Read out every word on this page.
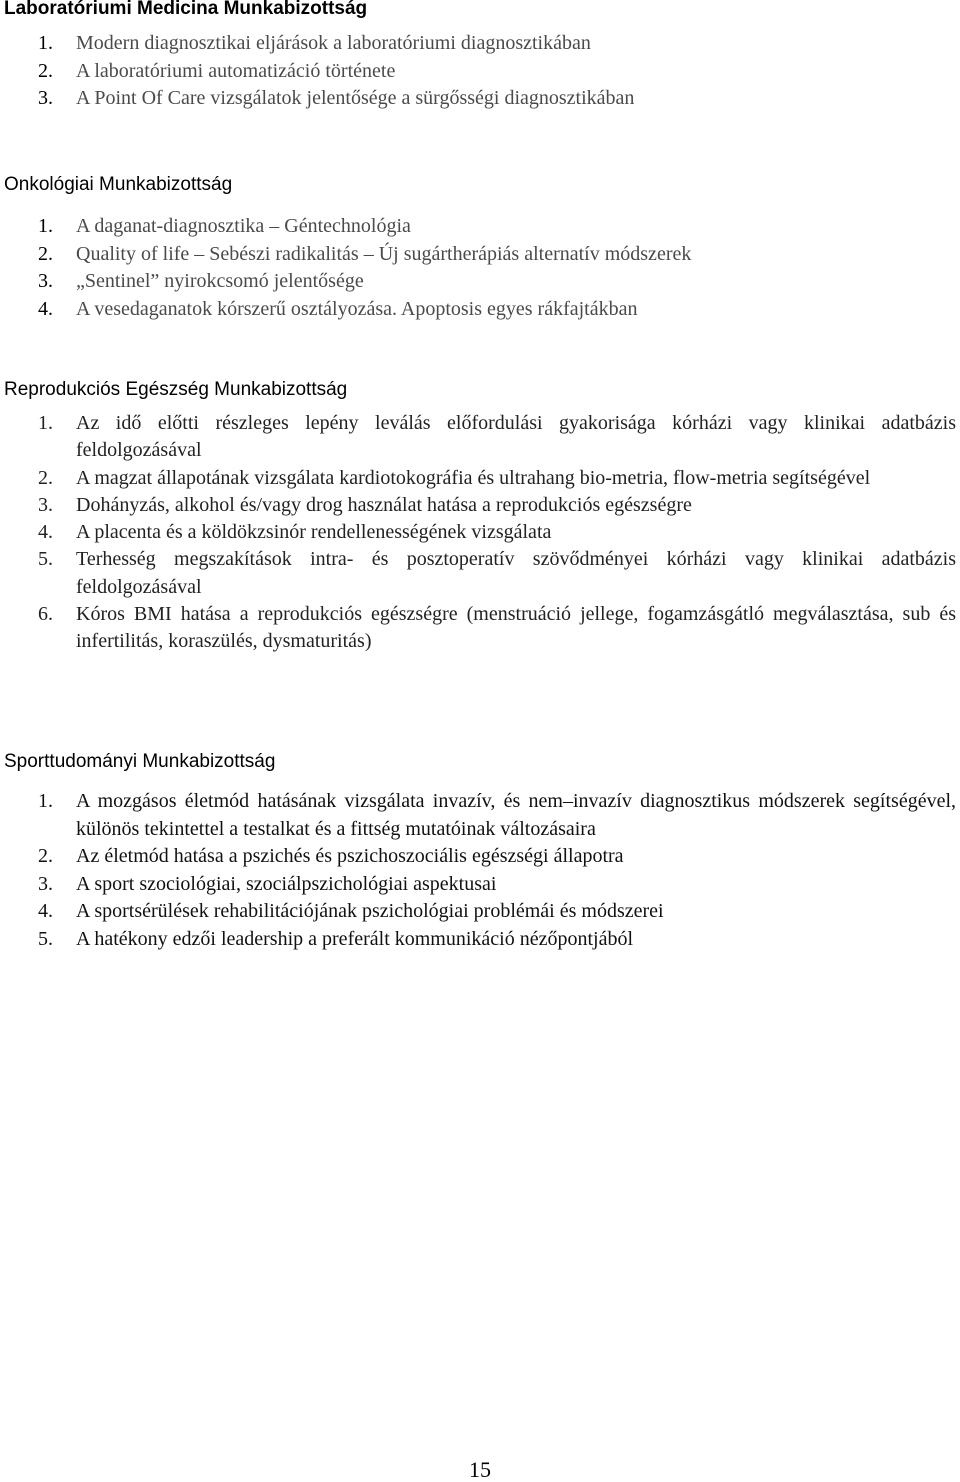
Laboratóriumi Medicina Munkabizottság
1. Modern diagnosztikai eljárások a laboratóriumi diagnosztikában
2. A laboratóriumi automatizáció története
3. A Point Of Care vizsgálatok jelentősége a sürgősségi diagnosztikában
Onkológiai Munkabizottság
1. A daganat-diagnosztika – Géntechnológia
2. Quality of life – Sebészi radikalitás – Új sugártherápiás alternatív módszerek
3. „Sentinel” nyirokcsomó jelentősége
4. A vesedaganatok kórszerű osztályozása. Apoptosis egyes rákfajtákban
Reprodukciós Egészség Munkabizottság
1. Az idő előtti részleges lepény leválás előfordulási gyakorisága kórházi vagy klinikai adatbázis feldolgozásával
2. A magzat állapotának vizsgálata kardiotokográfia és ultrahang bio-metria, flow-metria segítségével
3. Dohányzás, alkohol és/vagy drog használat hatása a reprodukciós egészségre
4. A placenta és a köldökzsinór rendellenességének vizsgálata
5. Terhesség megszakítások intra- és posztoperatív szövődményei kórházi vagy klinikai adatbázis feldolgozásával
6. Kóros BMI hatása a reprodukciós egészségre (menstruáció jellege, fogamzásgátló megválasztása, sub és infertilitás, koraszülés, dysmaturitás)
Sporttudományi Munkabizottság
1. A mozgásos életmód hatásának vizsgálata invazív, és nem–invazív diagnosztikus módszerek segítségével, különös tekintettel a testalkat és a fittség mutatóinak változásaira
2. Az életmód hatása a pszichés és pszichoszociális egészségi állapotra
3. A sport szociológiai, szociálpszichológiai aspektusai
4. A sportsérülések rehabilitációjának pszichológiai problémái és módszerei
5. A hatékony edzői leadership a preferált kommunikáció nézőpontjából
15
